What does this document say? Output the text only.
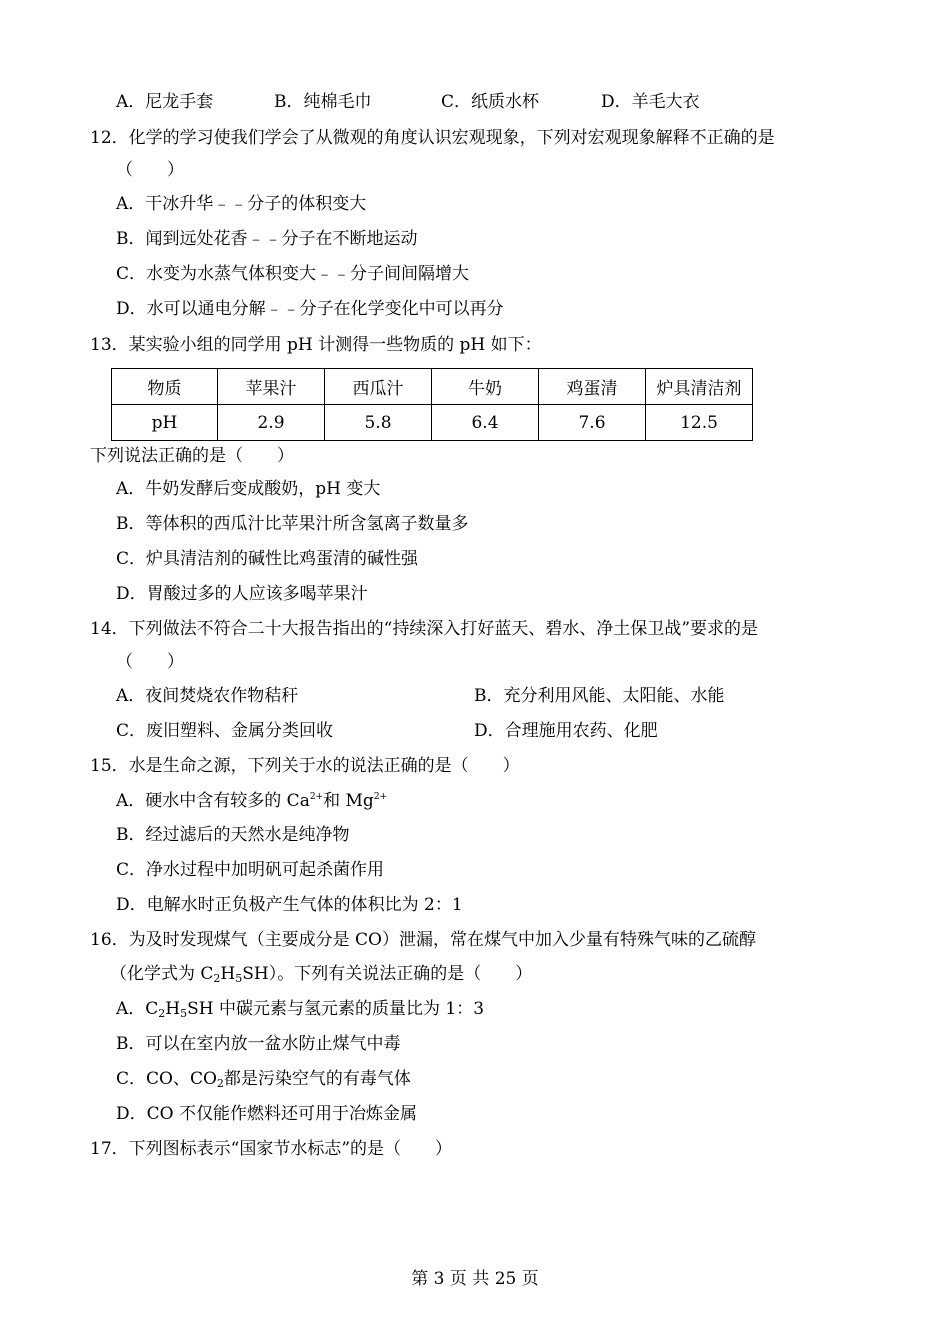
A．尼龙手套	B．纯棉毛巾	C．纸质水杯	D．羊毛大衣
12．化学的学习使我们学会了从微观的角度认识宏观现象，下列对宏观现象解释不正确的是
（　　）
A．干冰升华﹣﹣分子的体积变大
B．闻到远处花香﹣﹣分子在不断地运动
C．水变为水蒸气体积变大﹣﹣分子间间隔增大
D．水可以通电分解﹣﹣分子在化学变化中可以再分
13．某实验小组的同学用 pH 计测得一些物质的 pH 如下：
物质	苹果汁	西瓜汁	牛奶	鸡蛋清	炉具清洁剂
pH	2.9	5.8	6.4	7.6	12.5
下列说法正确的是（　　）
A．牛奶发酵后变成酸奶，pH 变大
B．等体积的西瓜汁比苹果汁所含氢离子数量多
C．炉具清洁剂的碱性比鸡蛋清的碱性强
D．胃酸过多的人应该多喝苹果汁
14．下列做法不符合二十大报告指出的“持续深入打好蓝天、碧水、净土保卫战”要求的是
（　　）
A．夜间焚烧农作物秸秆	B．充分利用风能、太阳能、水能
C．废旧塑料、金属分类回收	D．合理施用农药、化肥
15．水是生命之源，下列关于水的说法正确的是（　　）
A．硬水中含有较多的 $Ca^{2+}$和 $Mg^{2+}$
B．经过滤后的天然水是纯净物
C．净水过程中加明矾可起杀菌作用
D．电解水时正负极产生气体的体积比为 2：1
16．为及时发现煤气（主要成分是 CO）泄漏，常在煤气中加入少量有特殊气味的乙硫醇
（化学式为 $C_2H_5SH$）。下列有关说法正确的是（　　）
A．$C_2H_5SH$ 中碳元素与氢元素的质量比为 1：3
B．可以在室内放一盆水防止煤气中毒
C．CO、$CO_2$都是污染空气的有毒气体
D．CO 不仅能作燃料还可用于冶炼金属
17．下列图标表示“国家节水标志”的是（　　）
第 3 页 共 25 页
